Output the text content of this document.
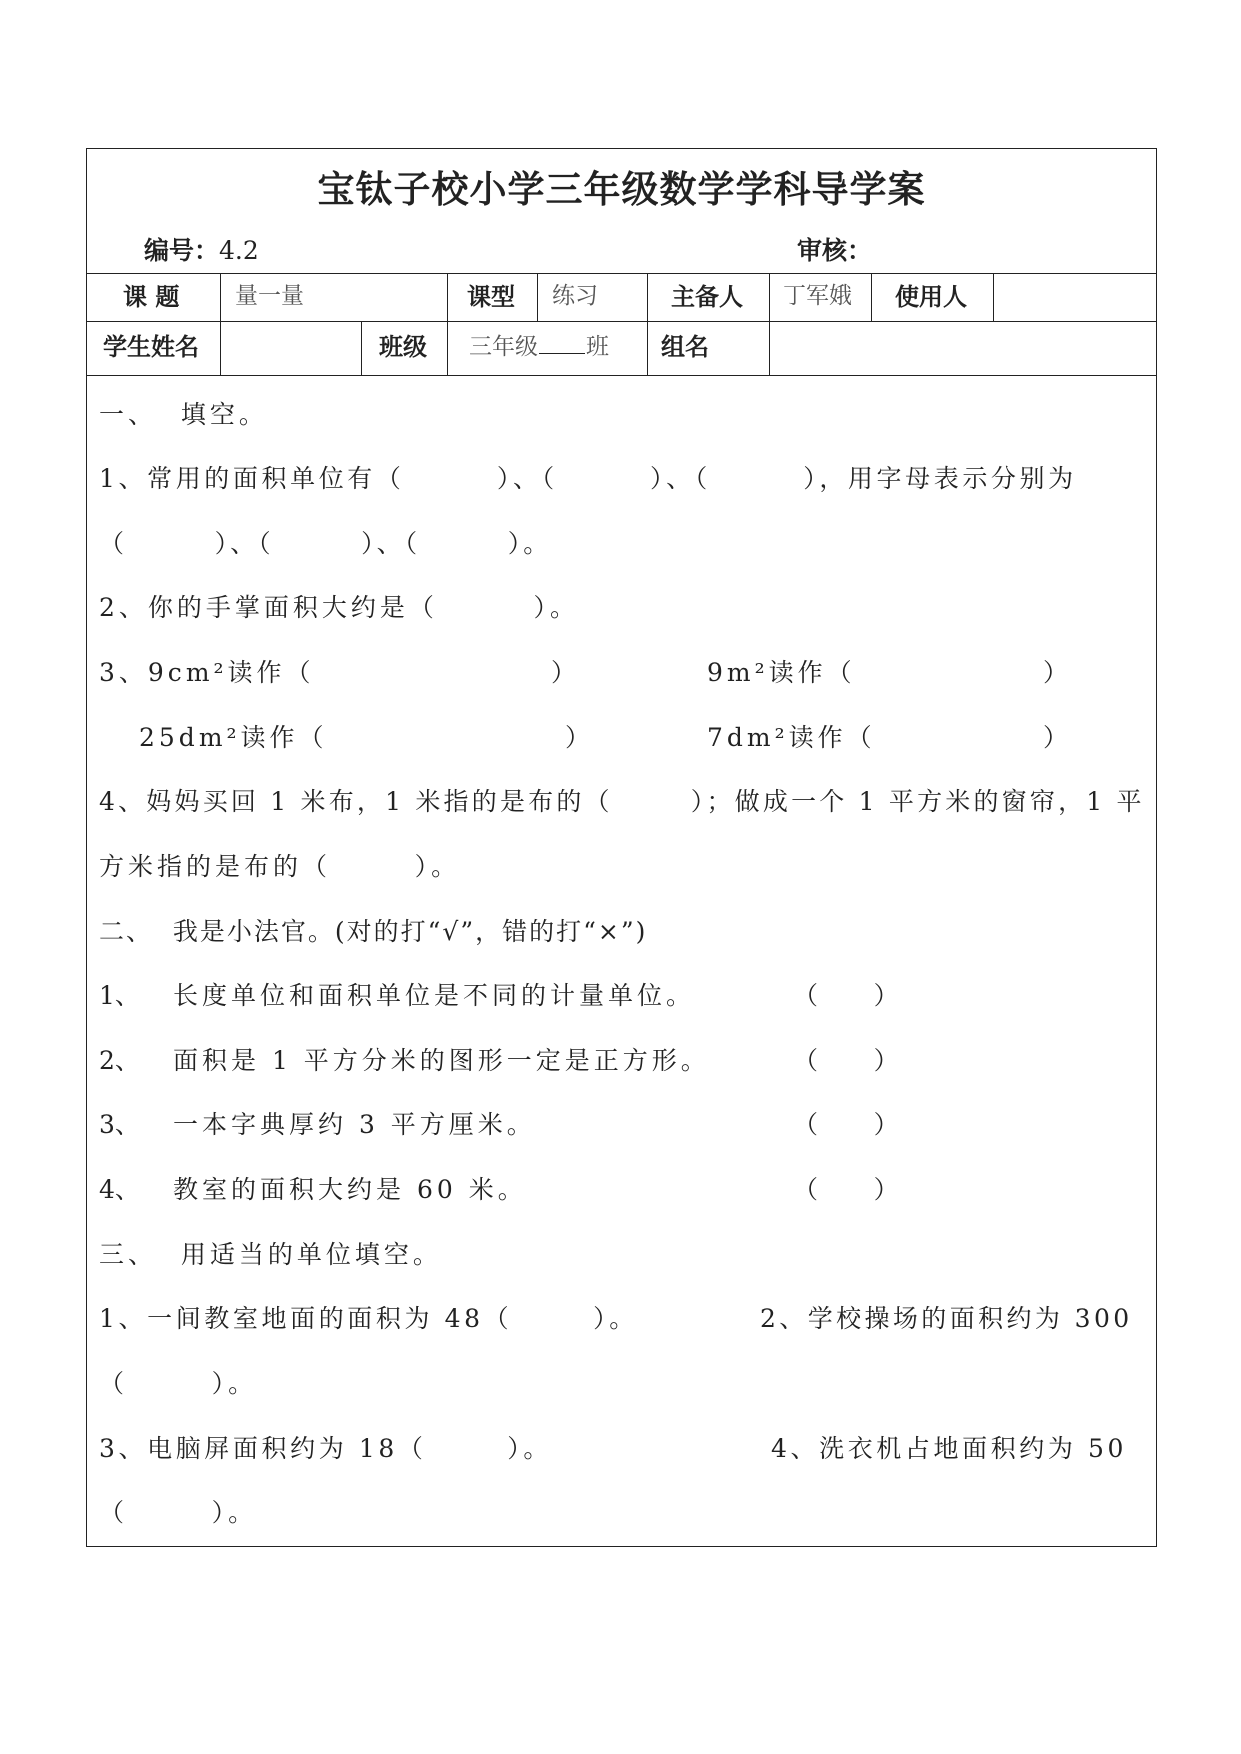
宝钛子校小学三年级数学学科导学案
编号：4.2	审核：
课 题 量一量	课型 练习	主备人 丁军娥 使用人
学生姓名	班级 三年级 班 组名
一、  填空。
1、常用的面积单位有（        ）、（        ）、（        ），用字母表示分别为
（        ）、（        ）、（        ）。
2、你的手掌面积大约是（        ）。
3、9cm²读作（	）	9m²读作（	）
25dm²读作（	）	7dm²读作（	）
4、妈妈买回 1 米布，1 米指的是布的（       ）；做成一个 1 平方米的窗帘，1 平
方米指的是布的（       ）。
二、  我是小法官。(对的打“√”，错的打“×”)
1、 长度单位和面积单位是不同的计量单位。	（       ）
2、 面积是 1 平方分米的图形一定是正方形。	（       ）
3、 一本字典厚约 3 平方厘米。	（       ）
4、 教室的面积大约是 60 米。	（       ）
三、  用适当的单位填空。
1、一间教室地面的面积为 48（       ）。	2、学校操场的面积约为 300
（       ）。
3、电脑屏面积约为 18（       ）。	4、洗衣机占地面积约为 50
（       ）。
